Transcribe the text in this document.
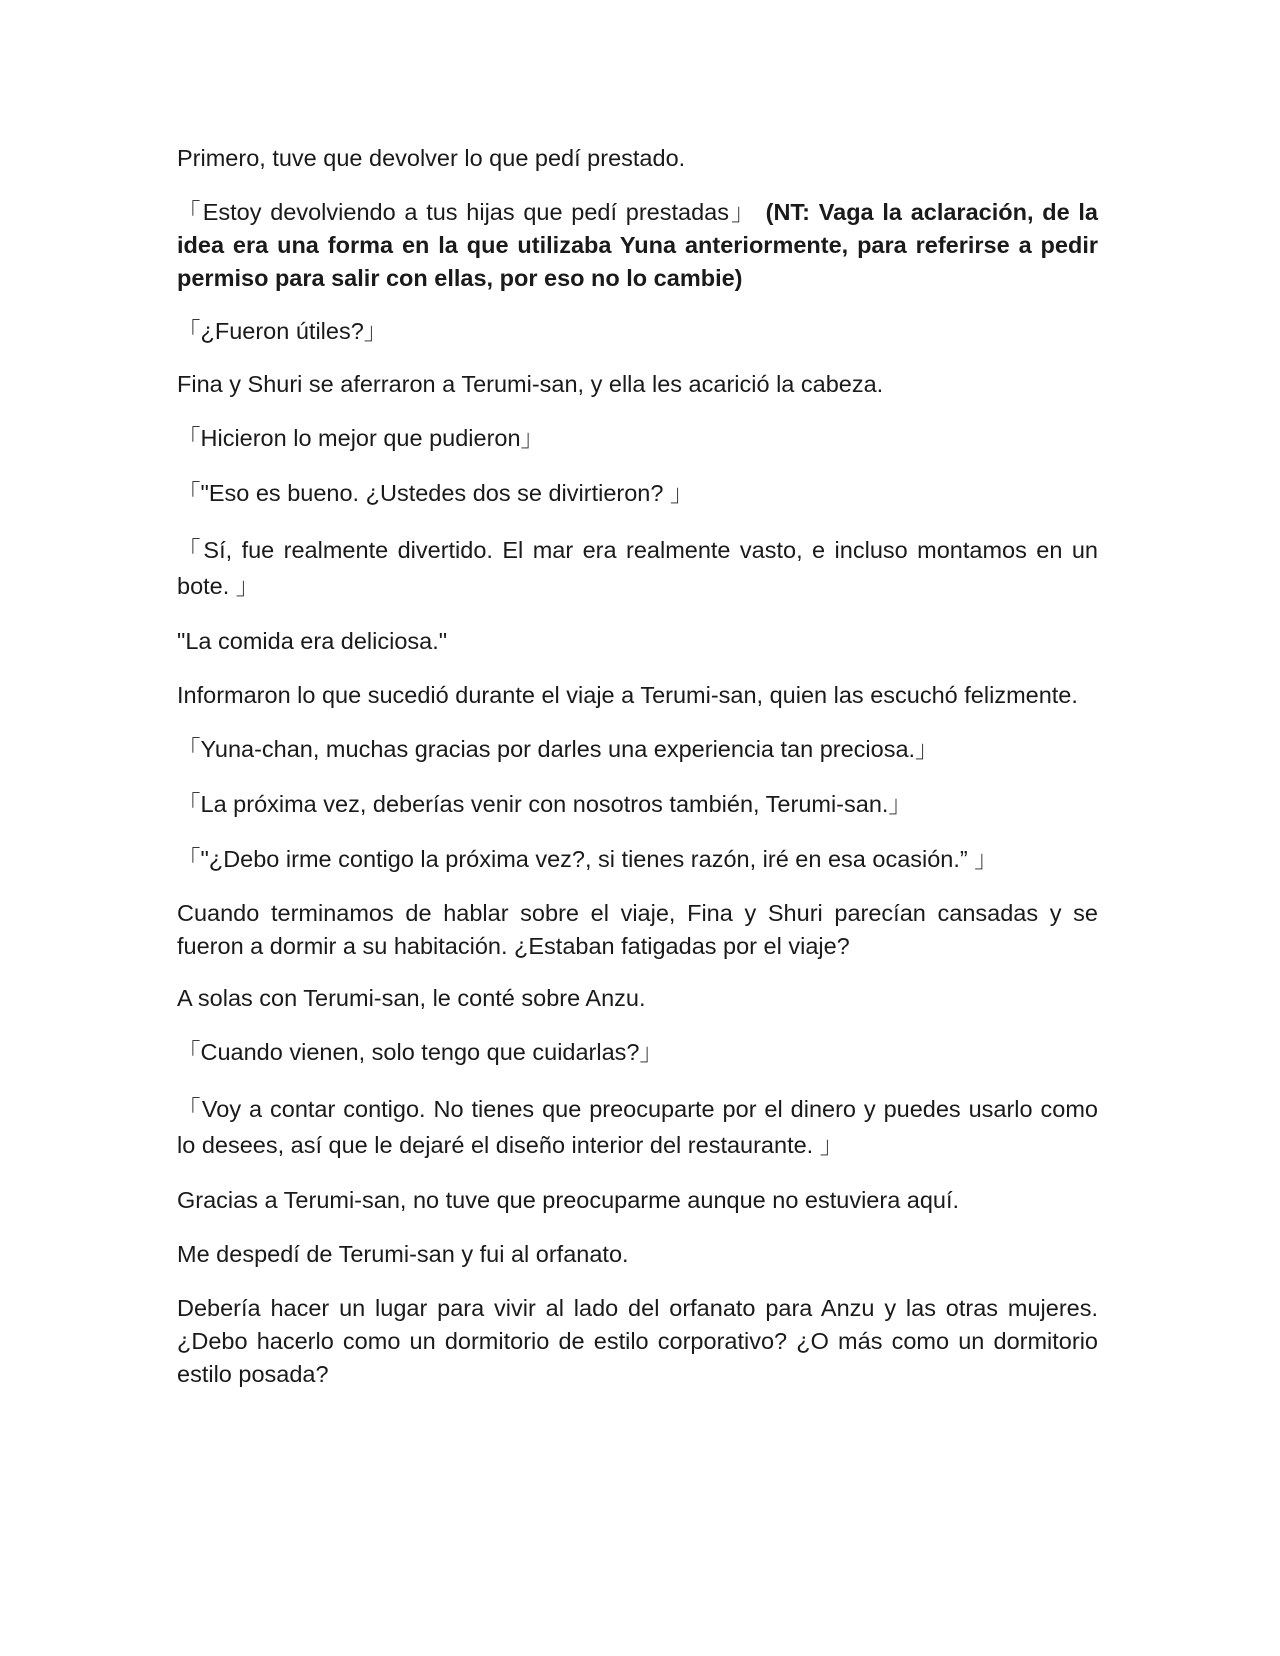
Primero, tuve que devolver lo que pedí prestado.

「Estoy devolviendo a tus hijas que pedí prestadas」 (NT: Vaga la aclaración, de la idea era una forma en la que utilizaba Yuna anteriormente, para referirse a pedir permiso para salir con ellas, por eso no lo cambie)

「¿Fueron útiles?」

Fina y Shuri se aferraron a Terumi-san, y ella les acarició la cabeza.

「Hicieron lo mejor que pudieron」

「"Eso es bueno. ¿Ustedes dos se divirtieron? 」

「Sí, fue realmente divertido. El mar era realmente vasto, e incluso montamos en un bote. 」

"La comida era deliciosa."

Informaron lo que sucedió durante el viaje a Terumi-san, quien las escuchó felizmente.

「Yuna-chan, muchas gracias por darles una experiencia tan preciosa.」

「La próxima vez, deberías venir con nosotros también, Terumi-san.」

「"¿Debo irme contigo la próxima vez?, si tienes razón, iré en esa ocasión.” 」

Cuando terminamos de hablar sobre el viaje, Fina y Shuri parecían cansadas y se fueron a dormir a su habitación. ¿Estaban fatigadas por el viaje?

A solas con Terumi-san, le conté sobre Anzu.

「Cuando vienen, solo tengo que cuidarlas?」

「Voy a contar contigo. No tienes que preocuparte por el dinero y puedes usarlo como lo desees, así que le dejaré el diseño interior del restaurante. 」

Gracias a Terumi-san, no tuve que preocuparme aunque no estuviera aquí.

Me despedí de Terumi-san y fui al orfanato.

Debería hacer un lugar para vivir al lado del orfanato para Anzu y las otras mujeres. ¿Debo hacerlo como un dormitorio de estilo corporativo? ¿O más como un dormitorio estilo posada?
